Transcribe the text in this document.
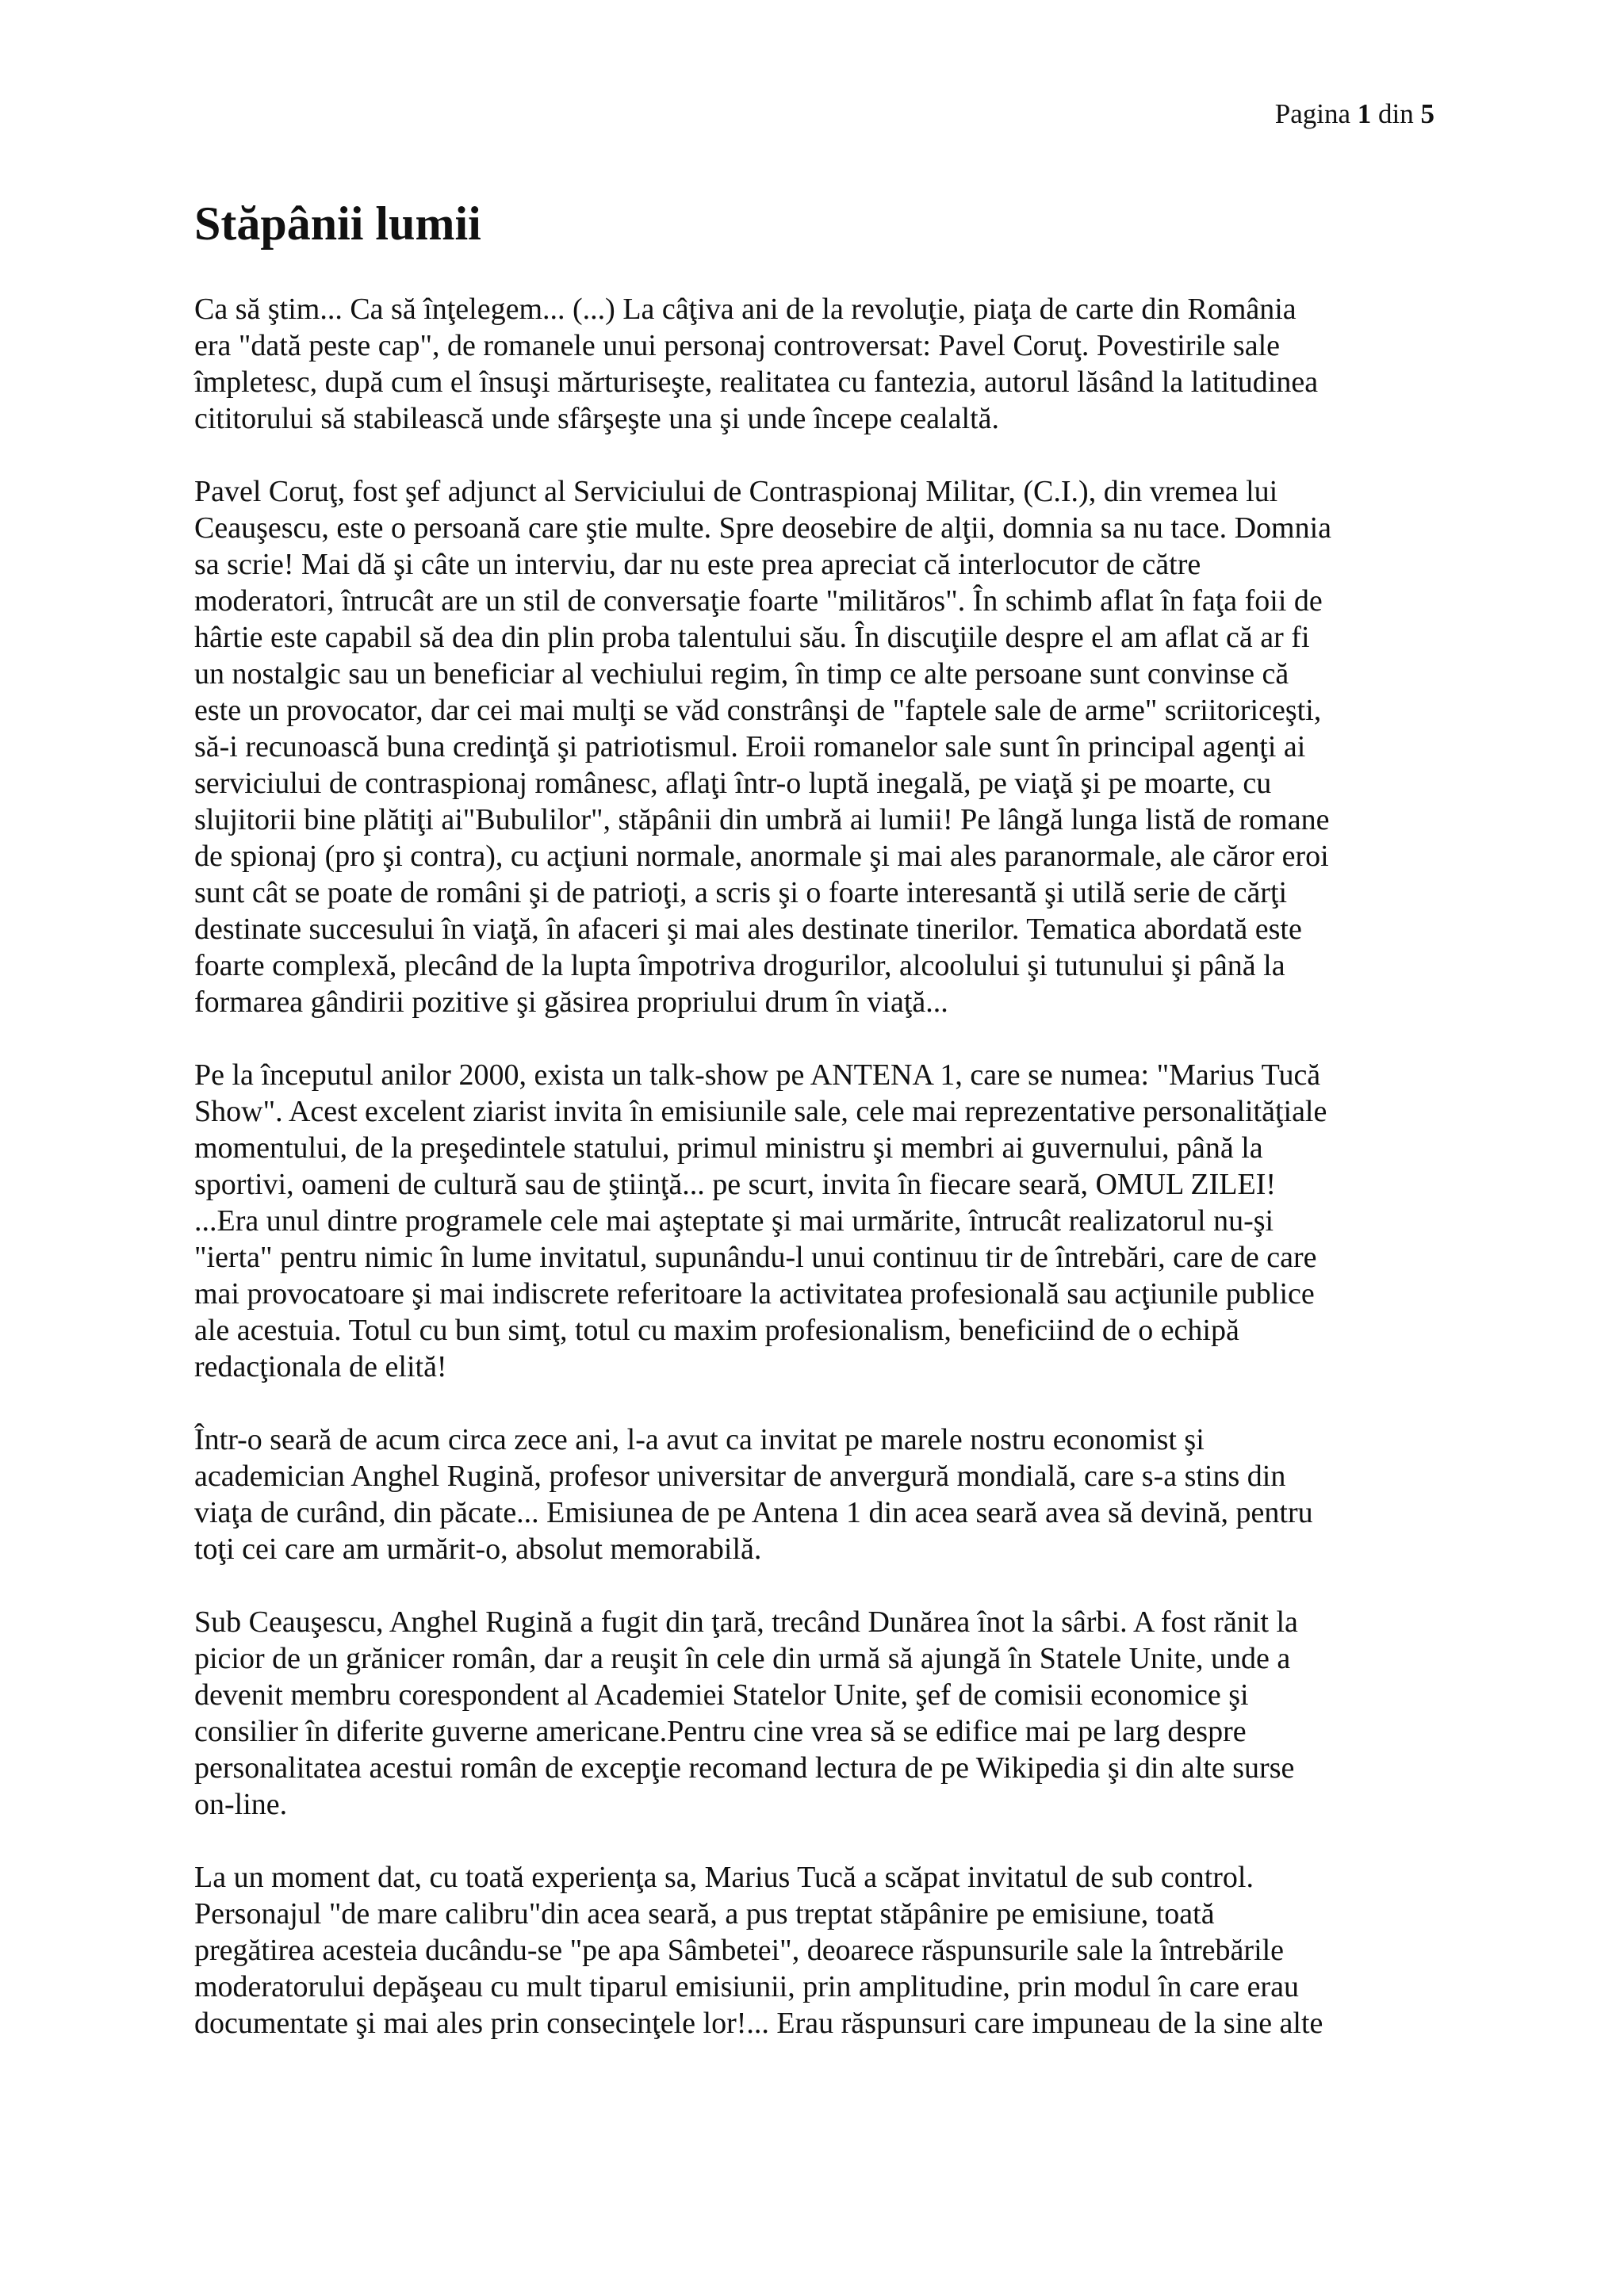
Pagina 1 din 5
Stăpânii lumii
Ca să ştim... Ca să înţelegem... (...) La câţiva ani de la revoluţie, piaţa de carte din România
era "dată peste cap", de romanele unui personaj controversat: Pavel Coruţ. Povestirile sale
împletesc, după cum el însuşi mărturiseşte, realitatea cu fantezia, autorul lăsând la latitudinea
cititorului să stabilească unde sfârşeşte una şi unde începe cealaltă.
Pavel Coruţ, fost şef adjunct al Serviciului de Contraspionaj Militar, (C.I.), din vremea lui
Ceauşescu, este o persoană care ştie multe. Spre deosebire de alţii, domnia sa nu tace. Domnia
sa scrie! Mai dă şi câte un interviu, dar nu este prea apreciat că interlocutor de către
moderatori, întrucât are un stil de conversaţie foarte "milităros". În schimb aflat în faţa foii de
hârtie este capabil să dea din plin proba talentului său. În discuţiile despre el am aflat că ar fi
un nostalgic sau un beneficiar al vechiului regim, în timp ce alte persoane sunt convinse că
este un provocator, dar cei mai mulţi se văd constrânşi de "faptele sale de arme" scriitoriceşti,
să-i recunoască buna credinţă şi patriotismul. Eroii romanelor sale sunt în principal agenţi ai
serviciului de contraspionaj românesc, aflaţi într-o luptă inegală, pe viaţă şi pe moarte, cu
slujitorii bine plătiţi ai"Bubulilor", stăpânii din umbră ai lumii! Pe lângă lunga listă de romane
de spionaj (pro şi contra), cu acţiuni normale, anormale şi mai ales paranormale, ale căror eroi
sunt cât se poate de români şi de patrioţi, a scris şi o foarte interesantă şi utilă serie de cărţi
destinate succesului în viaţă, în afaceri şi mai ales destinate tinerilor. Tematica abordată este
foarte complexă, plecând de la lupta împotriva drogurilor, alcoolului şi tutunului şi până la
formarea gândirii pozitive şi găsirea propriului drum în viaţă...
Pe la începutul anilor 2000, exista un talk-show pe ANTENA 1, care se numea: "Marius Tucă
Show". Acest excelent ziarist invita în emisiunile sale, cele mai reprezentative personalităţiale
momentului, de la preşedintele statului, primul ministru şi membri ai guvernului, până la
sportivi, oameni de cultură sau de ştiinţă... pe scurt, invita în fiecare seară, OMUL ZILEI!
...Era unul dintre programele cele mai aşteptate şi mai urmărite, întrucât realizatorul nu-şi
"ierta" pentru nimic în lume invitatul, supunându-l unui continuu tir de întrebări, care de care
mai provocatoare şi mai indiscrete referitoare la activitatea profesională sau acţiunile publice
ale acestuia. Totul cu bun simţ, totul cu maxim profesionalism, beneficiind de o echipă
redacţionala de elită!
Într-o seară de acum circa zece ani, l-a avut ca invitat pe marele nostru economist şi
academician Anghel Rugină, profesor universitar de anvergură mondială, care s-a stins din
viaţa de curând, din păcate... Emisiunea de pe Antena 1 din acea seară avea să devină, pentru
toţi cei care am urmărit-o, absolut memorabilă.
Sub Ceauşescu, Anghel Rugină a fugit din ţară, trecând Dunărea înot la sârbi. A fost rănit la
picior de un grănicer român, dar a reuşit în cele din urmă să ajungă în Statele Unite, unde a
devenit membru corespondent al Academiei Statelor Unite, şef de comisii economice şi
consilier în diferite guverne americane.Pentru cine vrea să se edifice mai pe larg despre
personalitatea acestui român de excepţie recomand lectura de pe Wikipedia şi din alte surse
on-line.
La un moment dat, cu toată experienţa sa, Marius Tucă a scăpat invitatul de sub control.
Personajul "de mare calibru"din acea seară, a pus treptat stăpânire pe emisiune, toată
pregătirea acesteia ducându-se "pe apa Sâmbetei", deoarece răspunsurile sale la întrebările
moderatorului depăşeau cu mult tiparul emisiunii, prin amplitudine, prin modul în care erau
documentate şi mai ales prin consecinţele lor!... Erau răspunsuri care impuneau de la sine alte
